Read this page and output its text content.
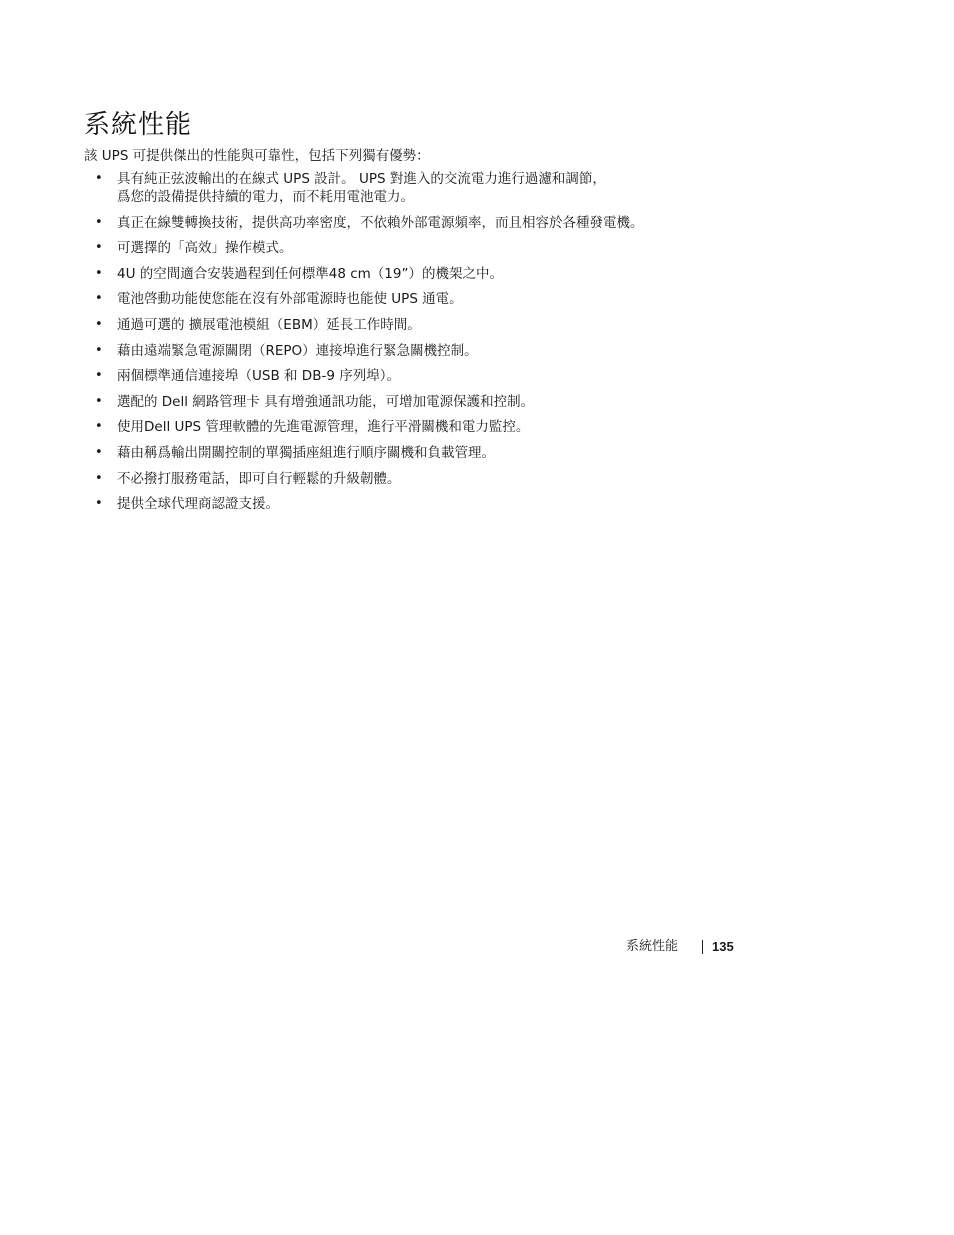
系統性能

該 UPS 可提供傑出的性能與可靠性，包括下列獨有優勢：

• 具有純正弦波輸出的在線式 UPS 設計。 UPS 對進入的交流電力進行過濾和調節，
爲您的設備提供持續的電力，而不耗用電池電力。
• 真正在線雙轉換技術，提供高功率密度，不依賴外部電源頻率，而且相容於各種發電機。
• 可選擇的「高效」操作模式。
• 4U 的空間適合安裝過程到任何標準48 cm（19”）的機架之中。
• 電池啓動功能使您能在沒有外部電源時也能使 UPS 通電。
• 通過可選的 擴展電池模組（EBM）延長工作時間。
• 藉由遠端緊急電源關閉（REPO）連接埠進行緊急關機控制。
• 兩個標準通信連接埠（USB 和 DB-9 序列埠）。
• 選配的 Dell 網路管理卡 具有增強通訊功能，可增加電源保護和控制。
• 使用Dell UPS 管理軟體的先進電源管理，進行平滑關機和電力監控。
• 藉由稱爲輸出開關控制的單獨插座組進行順序關機和負載管理。
• 不必撥打服務電話，即可自行輕鬆的升級韌體。
• 提供全球代理商認證支援。
系統性能	135
